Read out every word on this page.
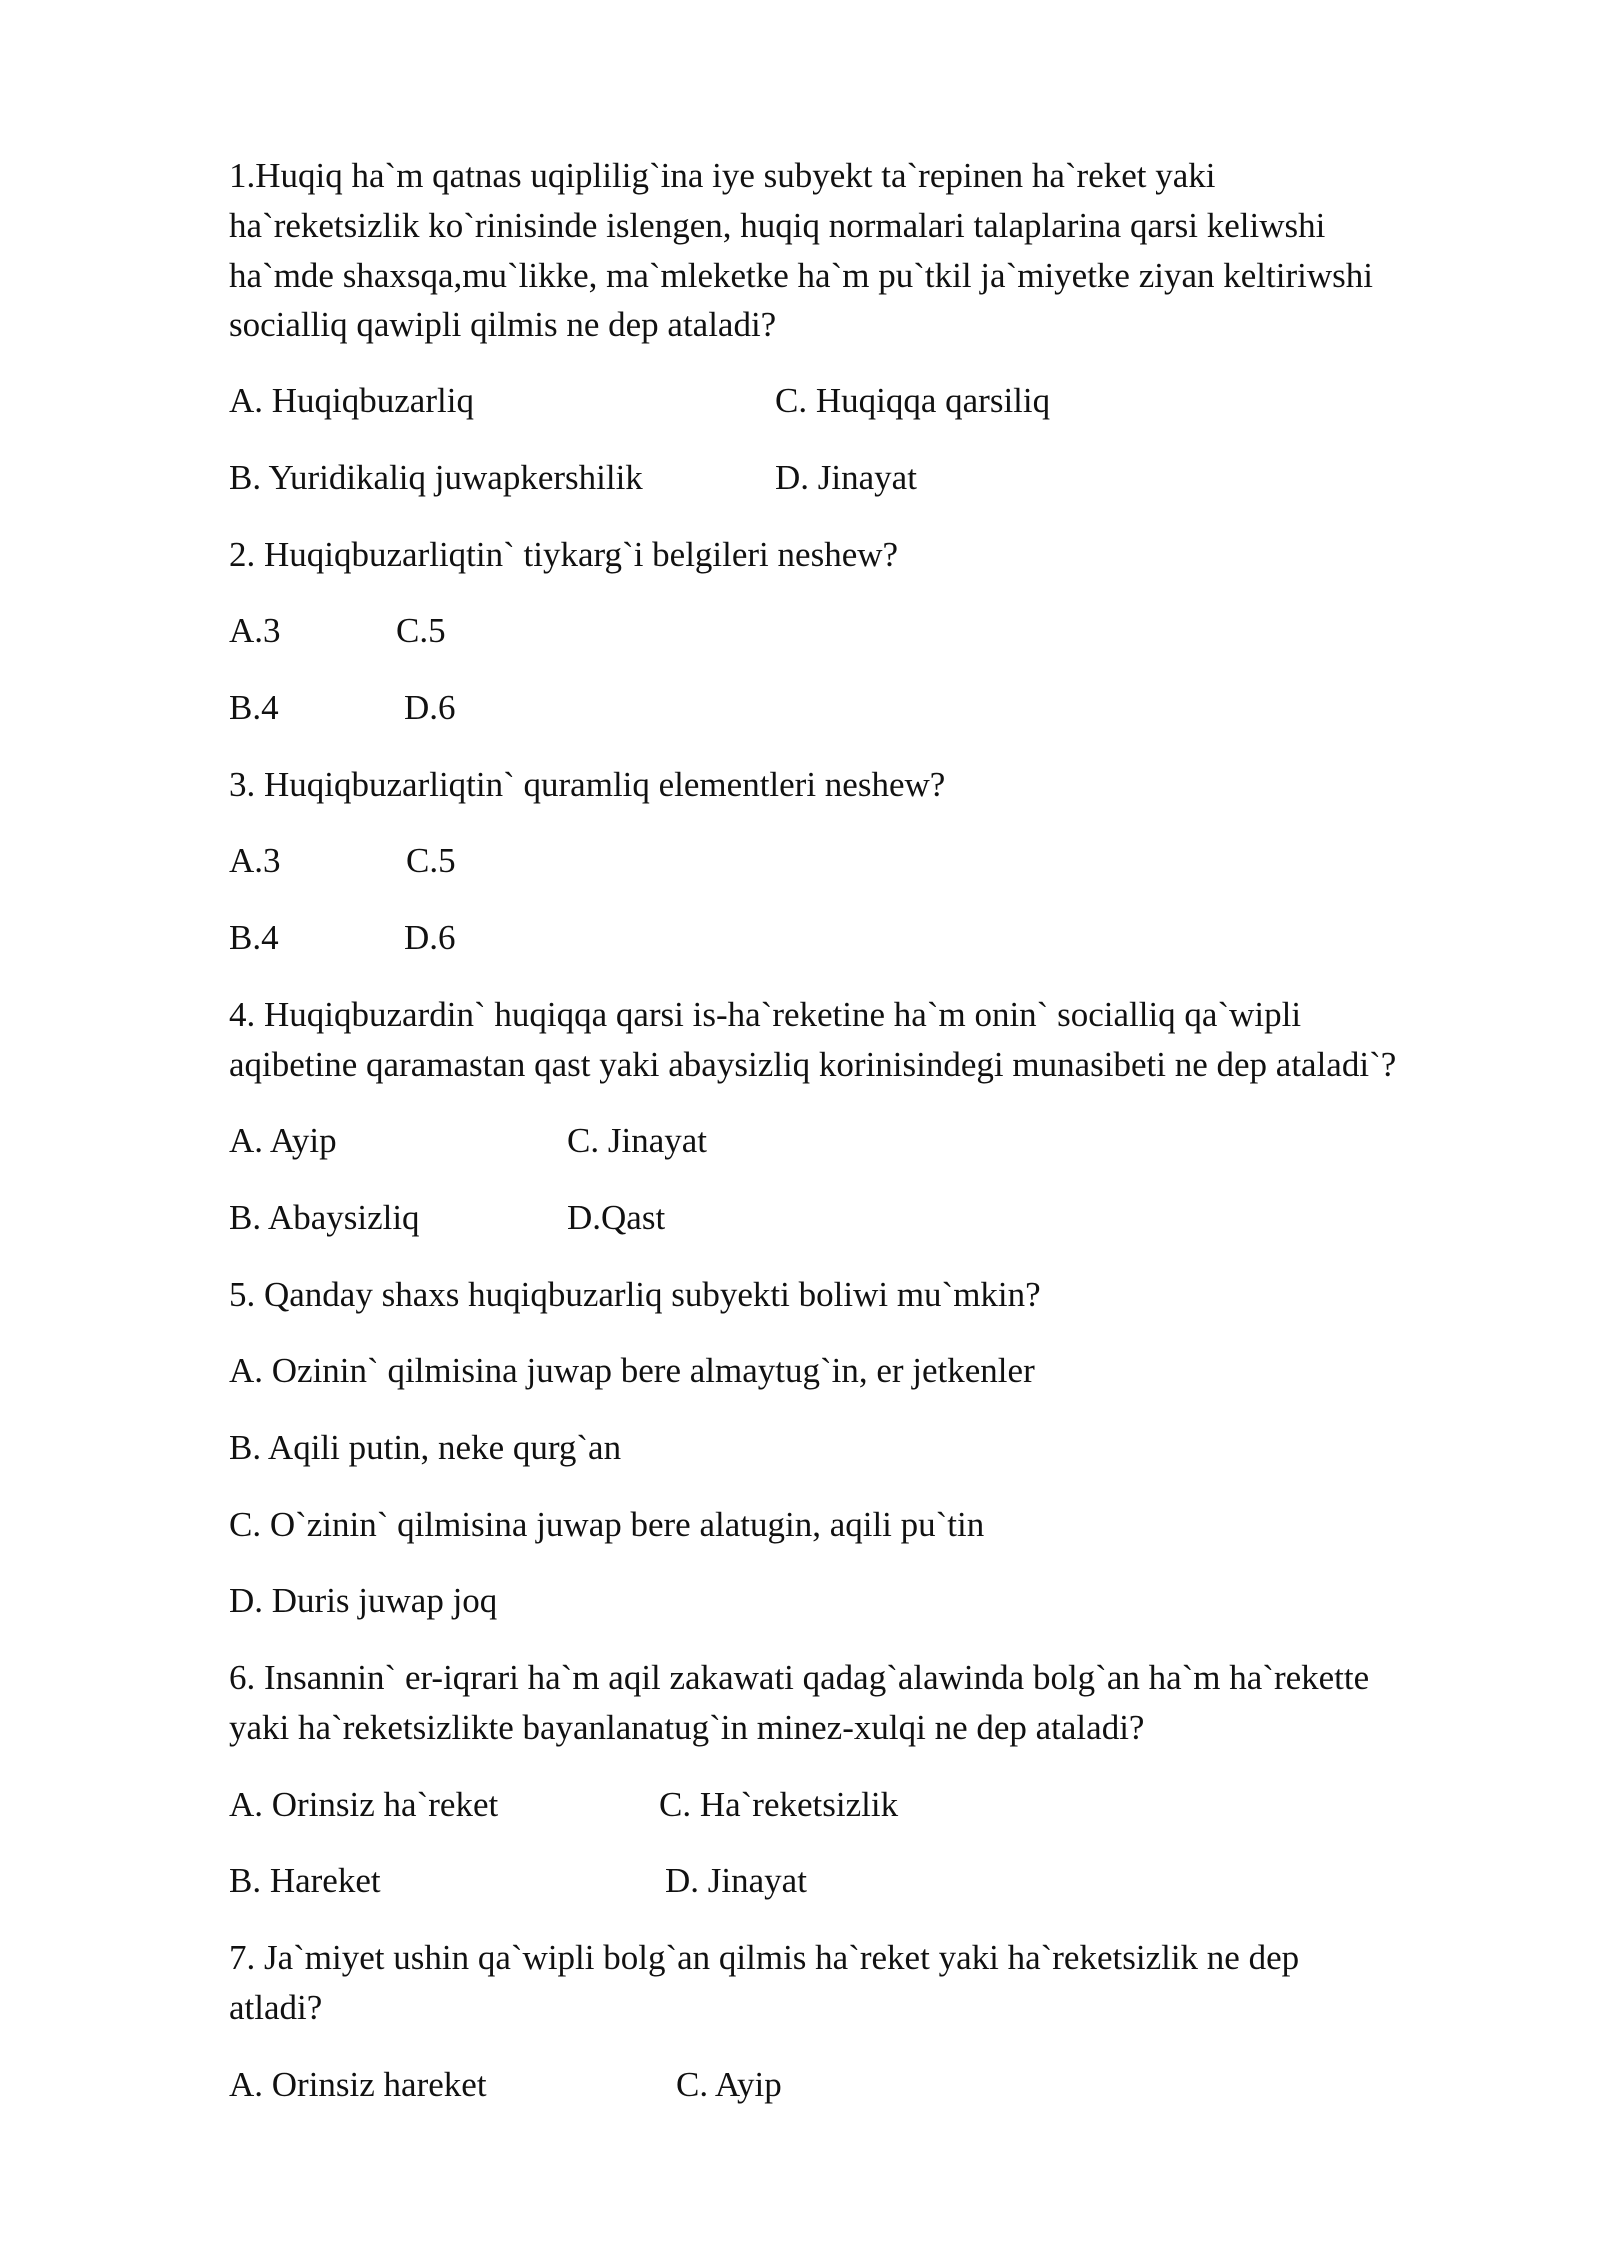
1.Huqiq ha`m qatnas uqiplilig`ina iye subyekt ta`repinen ha`reket yaki
ha`reketsizlik ko`rinisinde islengen, huqiq normalari talaplarina qarsi keliwshi
ha`mde shaxsqa,mu`likke, ma`mleketke ha`m pu`tkil ja`miyetke ziyan keltiriwshi
socialliq qawipli qilmis ne dep ataladi?
A. Huqiqbuzarliq	C. Huqiqqa qarsiliq
B. Yuridikaliq juwapkershilik	D. Jinayat
2. Huqiqbuzarliqtin` tiykarg`i belgileri neshew?
A.3	C.5
B.4	D.6
3. Huqiqbuzarliqtin` quramliq elementleri neshew?
A.3	C.5
B.4	D.6
4. Huqiqbuzardin` huqiqqa qarsi is-ha`reketine ha`m onin` socialliq qa`wipli
aqibetine qaramastan qast yaki abaysizliq korinisindegi munasibeti ne dep ataladi`?
A. Ayip	C. Jinayat
B. Abaysizliq	D.Qast
5. Qanday shaxs huqiqbuzarliq subyekti boliwi mu`mkin?
A. Ozinin` qilmisina juwap bere almaytug`in, er jetkenler
B. Aqili putin, neke qurg`an
C. O`zinin` qilmisina juwap bere alatugin, aqili pu`tin
D. Duris juwap joq
6. Insannin` er-iqrari ha`m aqil zakawati qadag`alawinda bolg`an ha`m ha`rekette
yaki ha`reketsizlikte bayanlanatug`in minez-xulqi ne dep ataladi?
A. Orinsiz ha`reket	C. Ha`reketsizlik
B. Hareket	D. Jinayat
7. Ja`miyet ushin qa`wipli bolg`an qilmis ha`reket yaki ha`reketsizlik ne dep
atladi?
A. Orinsiz hareket	C. Ayip
